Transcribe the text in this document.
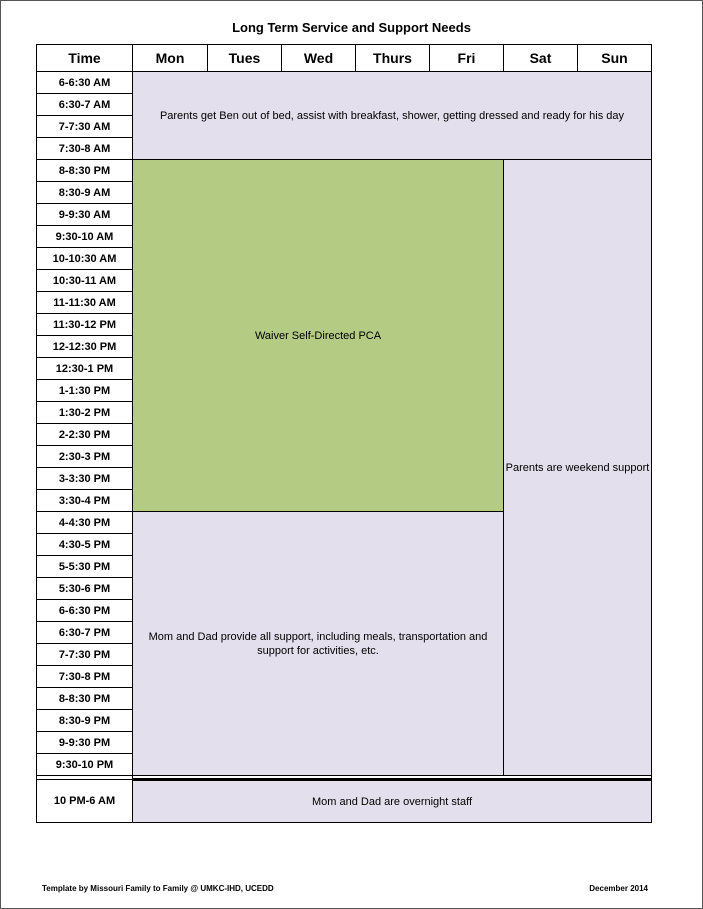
Long Term Service and Support Needs
Time	Mon	Tues	Wed	Thurs	Fri	Sat	Sun
6-6:30 AM	Parents get Ben out of bed, assist with breakfast, shower, getting dressed and ready for his day						
6:30-7 AM							
7-7:30 AM							
7:30-8 AM							
8-8:30 PM	Waiver Self-Directed PCA					Parents are weekend support	
8:30-9 AM							
9-9:30 AM							
9:30-10 AM							
10-10:30 AM							
10:30-11 AM							
11-11:30 AM							
11:30-12 PM							
12-12:30 PM							
12:30-1 PM							
1-1:30 PM							
1:30-2 PM							
2-2:30 PM							
2:30-3 PM							
3-3:30 PM							
3:30-4 PM							
4-4:30 PM	Mom and Dad provide all support, including meals, transportation and support for activities, etc.						
4:30-5 PM							
5-5:30 PM							
5:30-6 PM							
6-6:30 PM							
6:30-7 PM							
7-7:30 PM							
7:30-8 PM							
8-8:30 PM							
8:30-9 PM							
9-9:30 PM							
9:30-10 PM							

10 PM-6 AM	Mom and Dad are overnight staff						
Template by Missouri Family to Family @ UMKC-IHD, UCEDD	December 2014
